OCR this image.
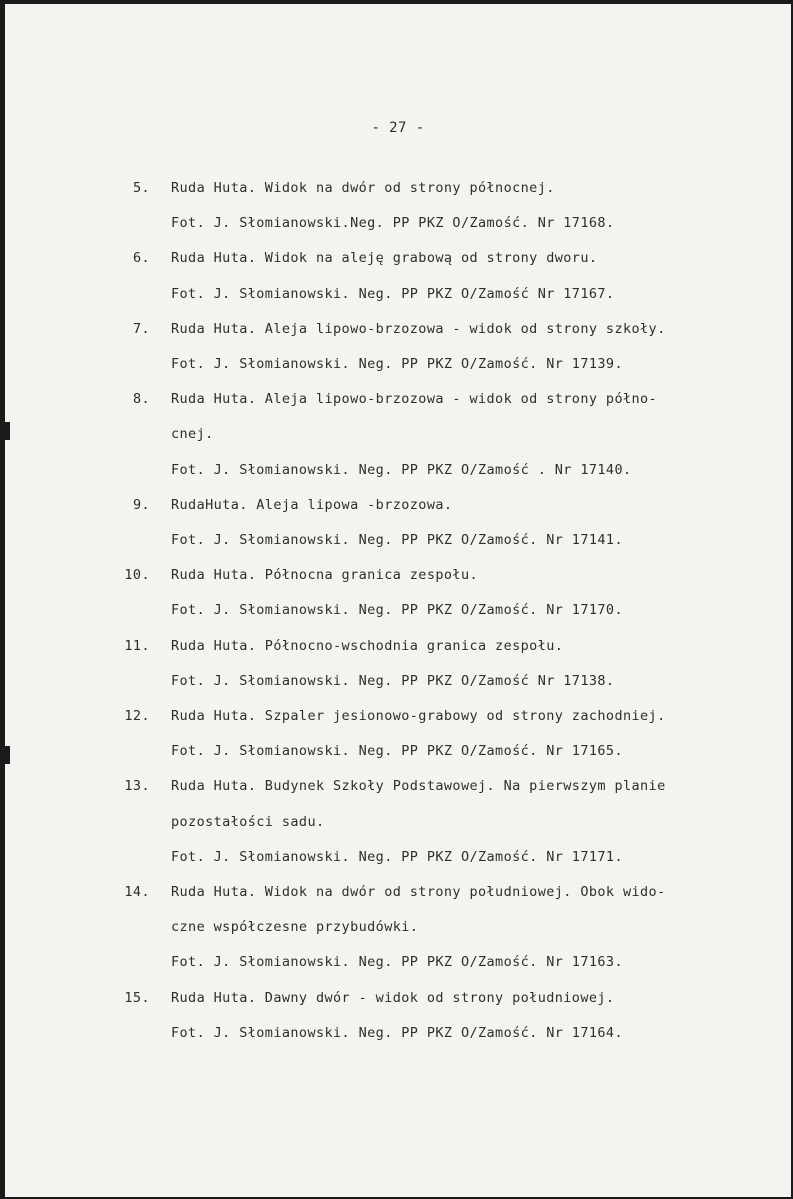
- 27 -
5. Ruda Huta. Widok na dwór od strony północnej.
Fot. J. Słomianowski.Neg. PP PKZ O/Zamość. Nr 17168.
6. Ruda Huta. Widok na aleję grabową od strony dworu.
Fot. J. Słomianowski. Neg. PP PKZ O/Zamość Nr 17167.
7. Ruda Huta. Aleja lipowo-brzozowa - widok od strony szkoły.
Fot. J. Słomianowski. Neg. PP PKZ O/Zamość. Nr 17139.
8. Ruda Huta. Aleja lipowo-brzozowa - widok od strony półno-
cnej.
Fot. J. Słomianowski. Neg. PP PKZ O/Zamość . Nr 17140.
9. RudaHuta. Aleja lipowa -brzozowa.
Fot. J. Słomianowski. Neg. PP PKZ O/Zamość. Nr 17141.
10. Ruda Huta. Północna granica zespołu.
Fot. J. Słomianowski. Neg. PP PKZ O/Zamość. Nr 17170.
11. Ruda Huta. Północno-wschodnia granica zespołu.
Fot. J. Słomianowski. Neg. PP PKZ O/Zamość Nr 17138.
12. Ruda Huta. Szpaler jesionowo-grabowy od strony zachodniej.
Fot. J. Słomianowski. Neg. PP PKZ O/Zamość. Nr 17165.
13. Ruda Huta. Budynek Szkoły Podstawowej. Na pierwszym planie
pozostałości sadu.
Fot. J. Słomianowski. Neg. PP PKZ O/Zamość. Nr 17171.
14. Ruda Huta. Widok na dwór od strony południowej. Obok wido-
czne współczesne przybudówki.
Fot. J. Słomianowski. Neg. PP PKZ O/Zamość. Nr 17163.
15. Ruda Huta. Dawny dwór - widok od strony południowej.
Fot. J. Słomianowski. Neg. PP PKZ O/Zamość. Nr 17164.
